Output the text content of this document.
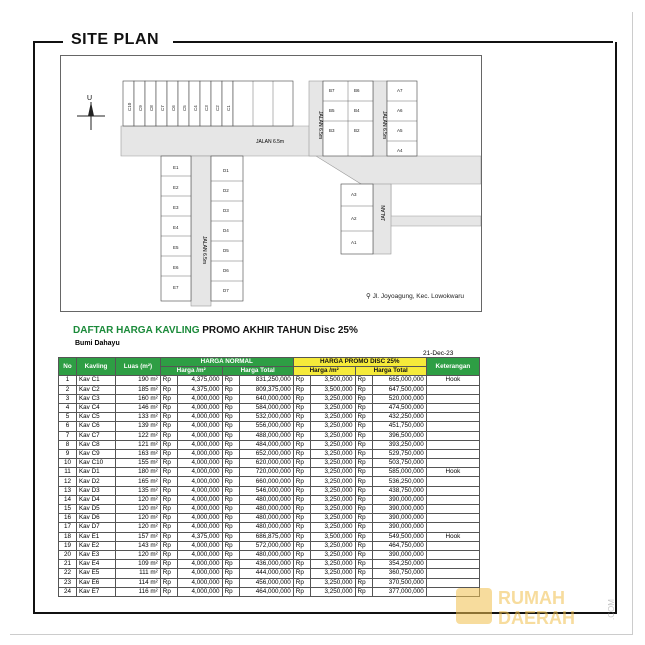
SITE PLAN
U
JALAN 6.5m
JALAN 6.5m
JALAN 6.5m	JALAN 6.5m
JALAN
C10 C9 C8 C7 C6 C5 C4 C3 C2 C1
E1
E2
E3
E4
E5
E6
E7
D1
D2
D3
D4
D5
D6
D7
B7	B6
B5	B4
B3	B2
A7
A6
A5
A4
A3
A2
A1
⚲ Jl. Joyoagung, Kec. Lowokwaru
DAFTAR HARGA KAVLING PROMO AKHIR TAHUN Disc 25%
Bumi Dahayu
21-Dec-23
No	Kavling	Luas (m²)	HARGA NORMAL				HARGA PROMO DISC 25%				Keterangan
			Harga /m²		Harga Total		Harga /m²		Harga Total		
1	Kav C1	190 m²	Rp	4,375,000	Rp	831,250,000	Rp	3,500,000	Rp	665,000,000	Hook
2	Kav C2	185 m²	Rp	4,375,000	Rp	809,375,000	Rp	3,500,000	Rp	647,500,000	
3	Kav C3	160 m²	Rp	4,000,000	Rp	640,000,000	Rp	3,250,000	Rp	520,000,000	
4	Kav C4	146 m²	Rp	4,000,000	Rp	584,000,000	Rp	3,250,000	Rp	474,500,000	
5	Kav C5	133 m²	Rp	4,000,000	Rp	532,000,000	Rp	3,250,000	Rp	432,250,000	
6	Kav C6	139 m²	Rp	4,000,000	Rp	556,000,000	Rp	3,250,000	Rp	451,750,000	
7	Kav C7	122 m²	Rp	4,000,000	Rp	488,000,000	Rp	3,250,000	Rp	396,500,000	
8	Kav C8	121 m²	Rp	4,000,000	Rp	484,000,000	Rp	3,250,000	Rp	393,250,000	
9	Kav C9	163 m²	Rp	4,000,000	Rp	652,000,000	Rp	3,250,000	Rp	529,750,000	
10	Kav C10	155 m²	Rp	4,000,000	Rp	620,000,000	Rp	3,250,000	Rp	503,750,000	
11	Kav D1	180 m²	Rp	4,000,000	Rp	720,000,000	Rp	3,250,000	Rp	585,000,000	Hook
12	Kav D2	165 m²	Rp	4,000,000	Rp	660,000,000	Rp	3,250,000	Rp	536,250,000	
13	Kav D3	135 m²	Rp	4,000,000	Rp	546,000,000	Rp	3,250,000	Rp	438,750,000	
14	Kav D4	120 m²	Rp	4,000,000	Rp	480,000,000	Rp	3,250,000	Rp	390,000,000	
15	Kav D5	120 m²	Rp	4,000,000	Rp	480,000,000	Rp	3,250,000	Rp	390,000,000	
16	Kav D6	120 m²	Rp	4,000,000	Rp	480,000,000	Rp	3,250,000	Rp	390,000,000	
17	Kav D7	120 m²	Rp	4,000,000	Rp	480,000,000	Rp	3,250,000	Rp	390,000,000	
18	Kav E1	157 m²	Rp	4,375,000	Rp	686,875,000	Rp	3,500,000	Rp	549,500,000	Hook
19	Kav E2	143 m²	Rp	4,000,000	Rp	572,000,000	Rp	3,250,000	Rp	464,750,000	
20	Kav E3	120 m²	Rp	4,000,000	Rp	480,000,000	Rp	3,250,000	Rp	390,000,000	
21	Kav E4	109 m²	Rp	4,000,000	Rp	436,000,000	Rp	3,250,000	Rp	354,250,000	
22	Kav E5	111 m²	Rp	4,000,000	Rp	444,000,000	Rp	3,250,000	Rp	360,750,000	
23	Kav E6	114 m²	Rp	4,000,000	Rp	456,000,000	Rp	3,250,000	Rp	370,500,000	
24	Kav E7	116 m²	Rp	4,000,000	Rp	464,000,000	Rp	3,250,000	Rp	377,000,000		RUMAH
DAERAH	.COM
